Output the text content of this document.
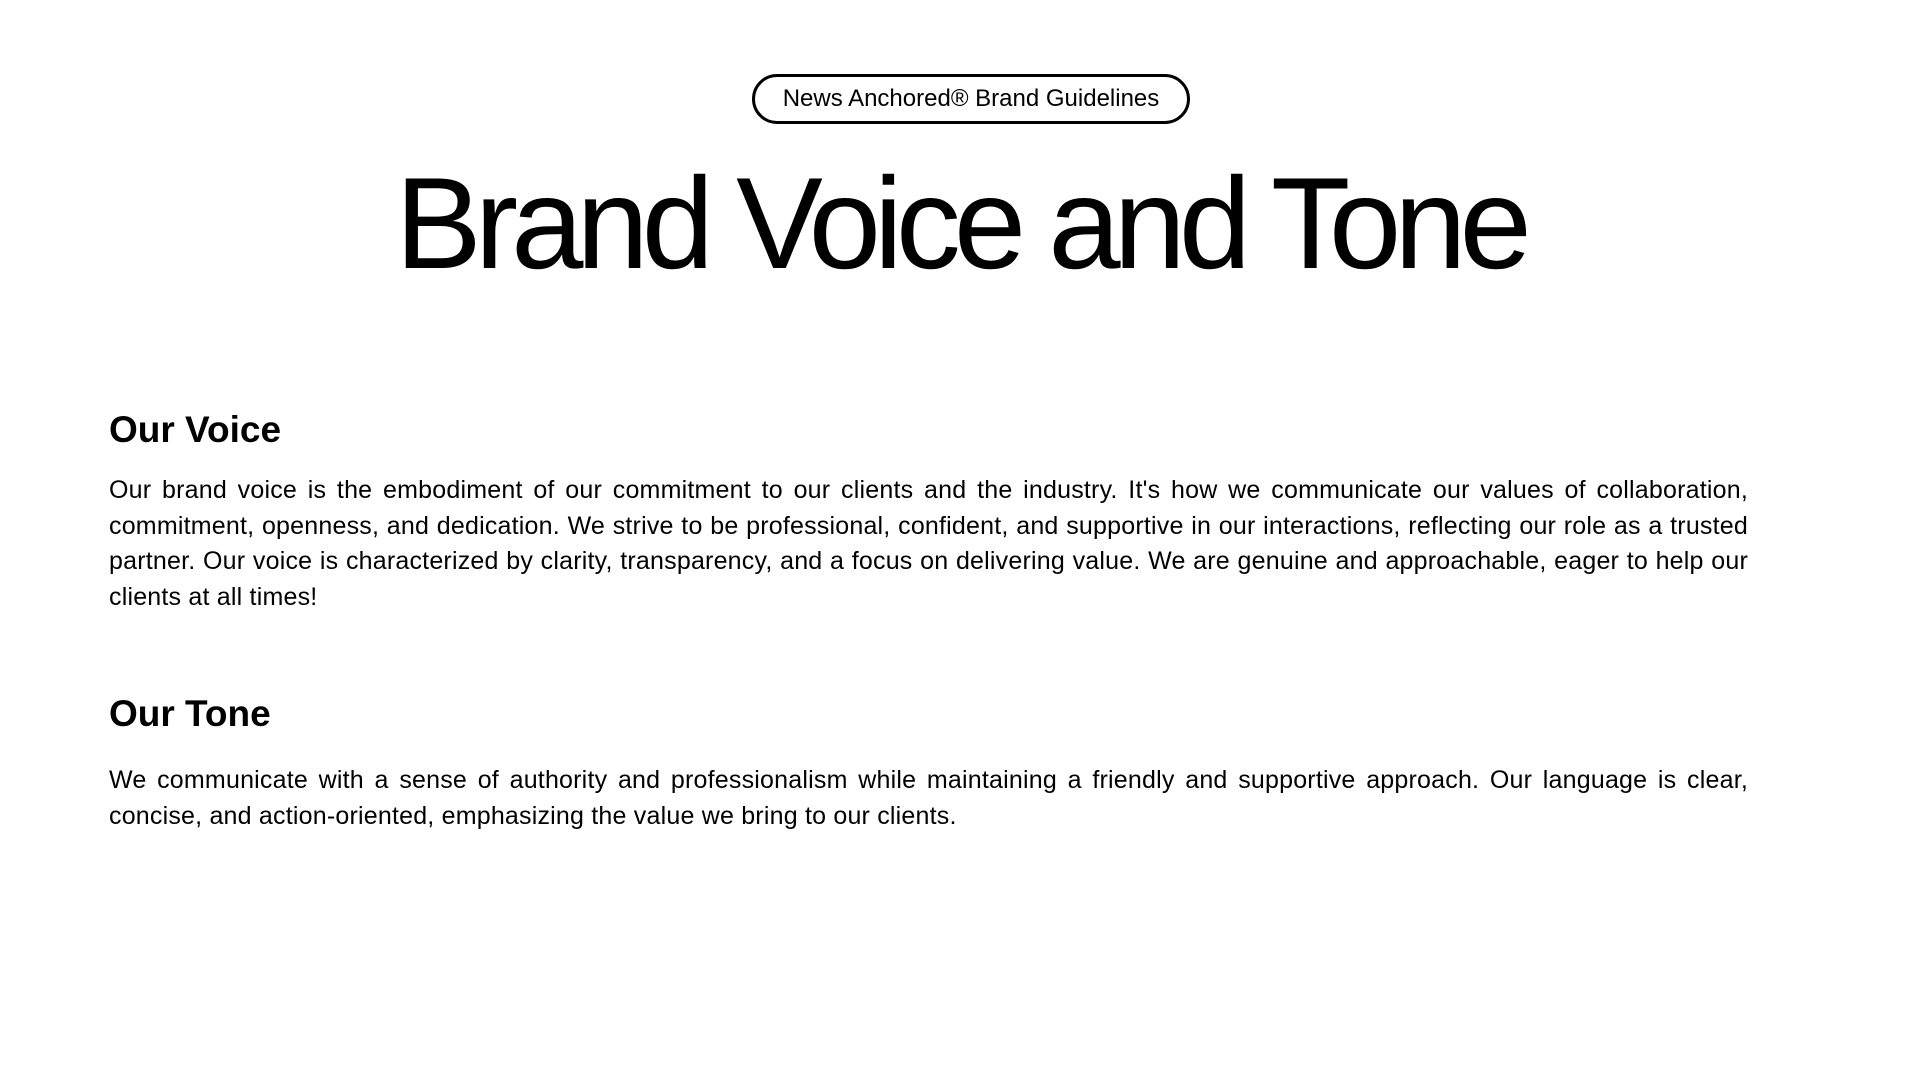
News Anchored® Brand Guidelines
Brand Voice and Tone
Our Voice

Our brand voice is the embodiment of our commitment to our clients and the industry. It's how we communicate our values of collaboration, commitment, openness, and dedication. We strive to be professional, confident, and supportive in our interactions, reflecting our role as a trusted partner. Our voice is characterized by clarity, transparency, and a focus on delivering value. We are genuine and approachable, eager to help our clients at all times!

Our Tone

We communicate with a sense of authority and professionalism while maintaining a friendly and supportive approach. Our language is clear, concise, and action-oriented, emphasizing the value we bring to our clients.
